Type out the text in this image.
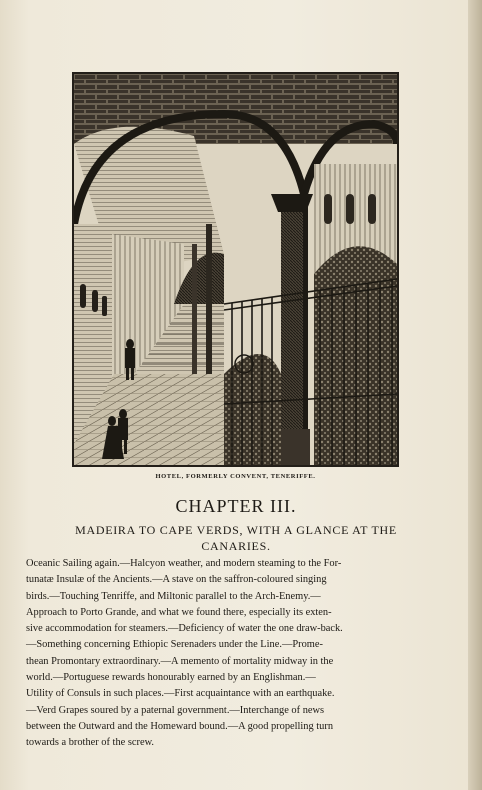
HOTEL, FORMERLY CONVENT, TENERIFFE.
CHAPTER III.
MADEIRA TO CAPE VERDS, WITH A GLANCE AT THE
CANARIES.
Oceanic Sailing again.—Halcyon weather, and modern steaming to the For-
tunatæ Insulæ of the Ancients.—A stave on the saffron-coloured singing
birds.—Touching Tenriffe, and Miltonic parallel to the Arch-Enemy.—
Approach to Porto Grande, and what we found there, especially its exten-
sive accommodation for steamers.—Deficiency of water the one draw-back.
—Something concerning Ethiopic Serenaders under the Line.—Prome-
thean Promontary extraordinary.—A memento of mortality midway in the
world.—Portuguese rewards honourably earned by an Englishman.—
Utility of Consuls in such places.—First acquaintance with an earthquake.
—Verd Grapes soured by a paternal government.—Interchange of news
between the Outward and the Homeward bound.—A good propelling turn
towards a brother of the screw.
